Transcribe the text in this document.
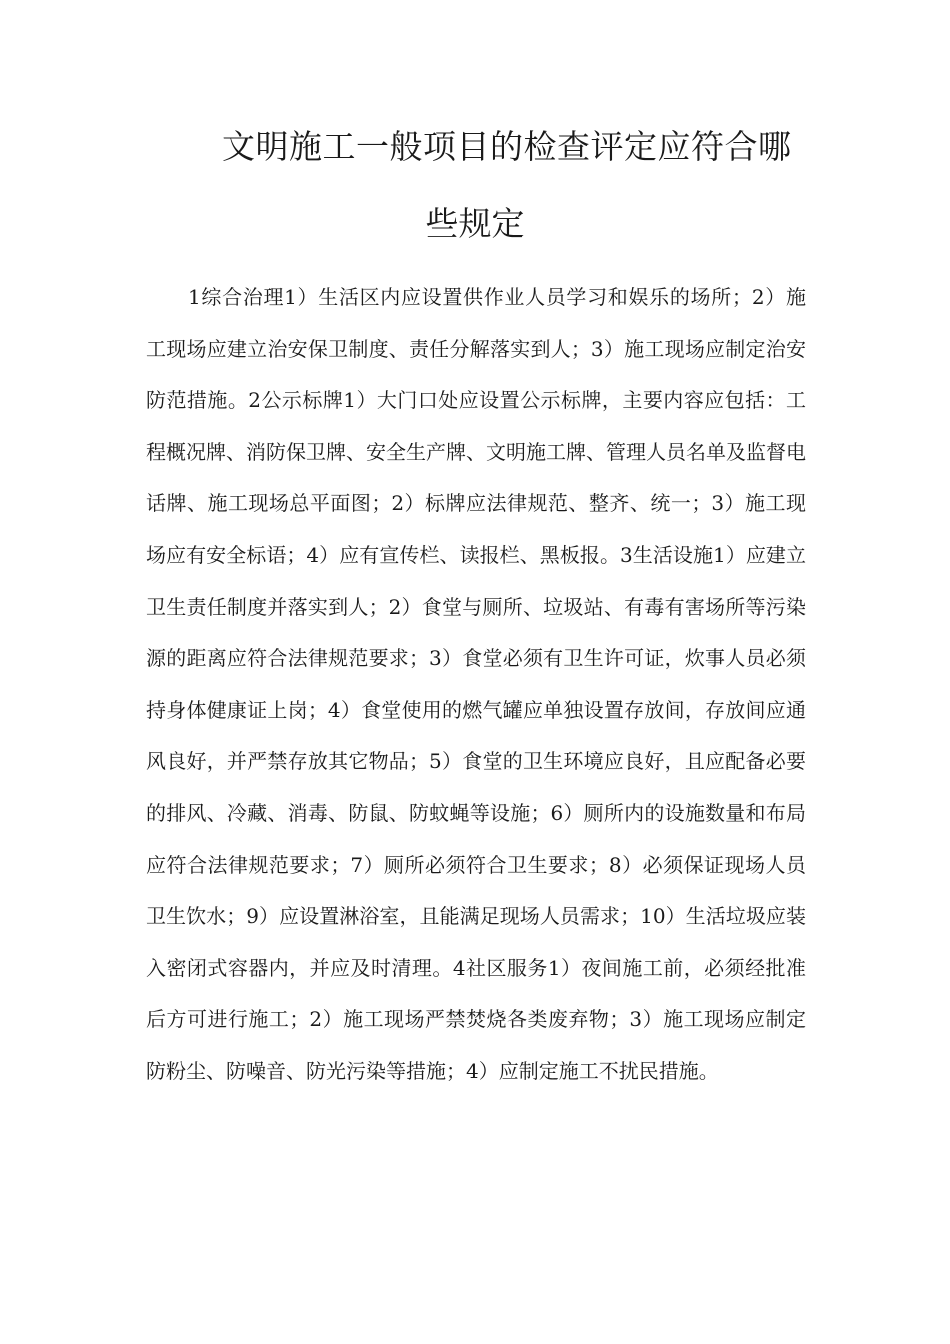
文明施工一般项目的检查评定应符合哪
些规定

1综合治理1）生活区内应设置供作业人员学习和娱乐的场所；2）施工现场应建立治安保卫制度、责任分解落实到人；3）施工现场应制定治安防范措施。2公示标牌1）大门口处应设置公示标牌，主要内容应包括：工程概况牌、消防保卫牌、安全生产牌、文明施工牌、管理人员名单及监督电话牌、施工现场总平面图；2）标牌应法律规范、整齐、统一；3）施工现场应有安全标语；4）应有宣传栏、读报栏、黑板报。3生活设施1）应建立卫生责任制度并落实到人；2）食堂与厕所、垃圾站、有毒有害场所等污染源的距离应符合法律规范要求；3）食堂必须有卫生许可证，炊事人员必须持身体健康证上岗；4）食堂使用的燃气罐应单独设置存放间，存放间应通风良好，并严禁存放其它物品；5）食堂的卫生环境应良好，且应配备必要的排风、冷藏、消毒、防鼠、防蚊蝇等设施；6）厕所内的设施数量和布局应符合法律规范要求；7）厕所必须符合卫生要求；8）必须保证现场人员卫生饮水；9）应设置淋浴室，且能满足现场人员需求；10）生活垃圾应装入密闭式容器内，并应及时清理。4社区服务1）夜间施工前，必须经批准后方可进行施工；2）施工现场严禁焚烧各类废弃物；3）施工现场应制定防粉尘、防噪音、防光污染等措施；4）应制定施工不扰民措施。
